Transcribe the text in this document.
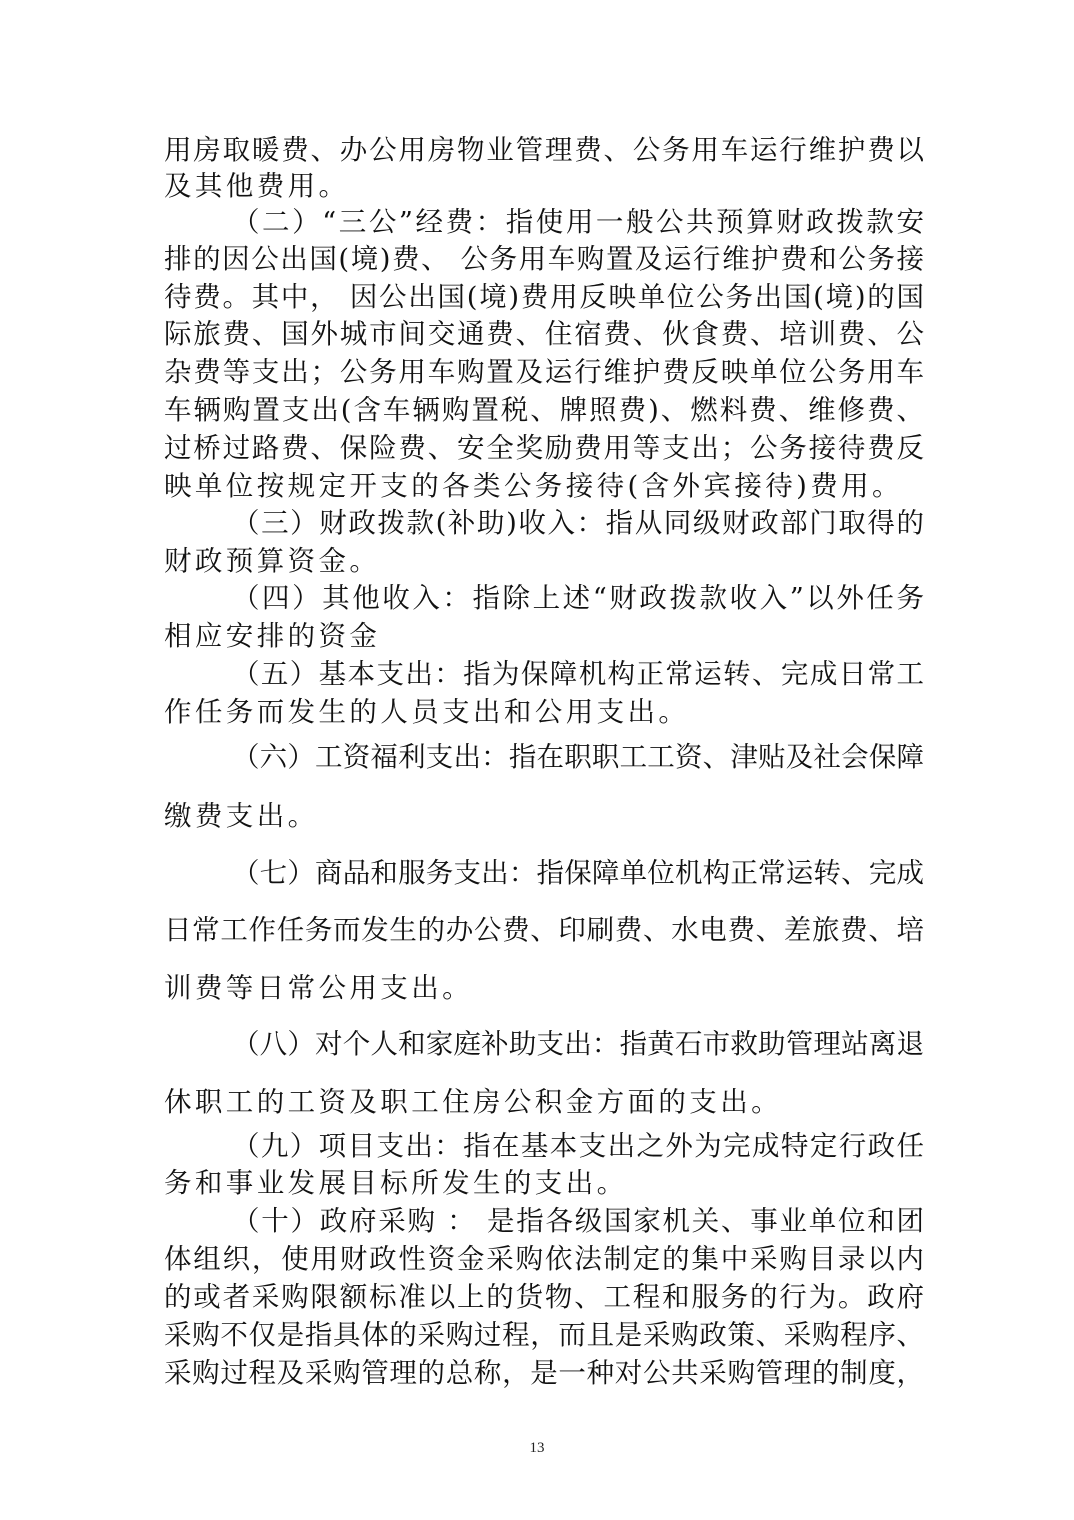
用房取暖费、办公用房物业管理费、公务用车运行维护费以
及其他费用。
（二）“三公”经费：指使用一般公共预算财政拨款安
排的因公出国(境)费、 公务用车购置及运行维护费和公务接
待费。其中， 因公出国(境)费用反映单位公务出国(境)的国
际旅费、国外城市间交通费、住宿费、伙食费、培训费、公
杂费等支出；公务用车购置及运行维护费反映单位公务用车
车辆购置支出(含车辆购置税、牌照费)、燃料费、维修费、
过桥过路费、保险费、安全奖励费用等支出；公务接待费反
映单位按规定开支的各类公务接待(含外宾接待)费用。
（三）财政拨款(补助)收入：指从同级财政部门取得的
财政预算资金。
（四）其他收入：指除上述“财政拨款收入”以外任务
相应安排的资金
（五）基本支出：指为保障机构正常运转、完成日常工
作任务而发生的人员支出和公用支出。
（六）工资福利支出：指在职职工工资、津贴及社会保障
缴费支出。
（七）商品和服务支出：指保障单位机构正常运转、完成
日常工作任务而发生的办公费、印刷费、水电费、差旅费、培
训费等日常公用支出。
（八）对个人和家庭补助支出：指黄石市救助管理站离退
休职工的工资及职工住房公积金方面的支出。
（九）项目支出：指在基本支出之外为完成特定行政任
务和事业发展目标所发生的支出。
（十）政府采购 ： 是指各级国家机关、事业单位和团
体组织，使用财政性资金采购依法制定的集中采购目录以内
的或者采购限额标准以上的货物、工程和服务的行为。政府
采购不仅是指具体的采购过程，而且是采购政策、采购程序、
采购过程及采购管理的总称，是一种对公共采购管理的制度，
13
